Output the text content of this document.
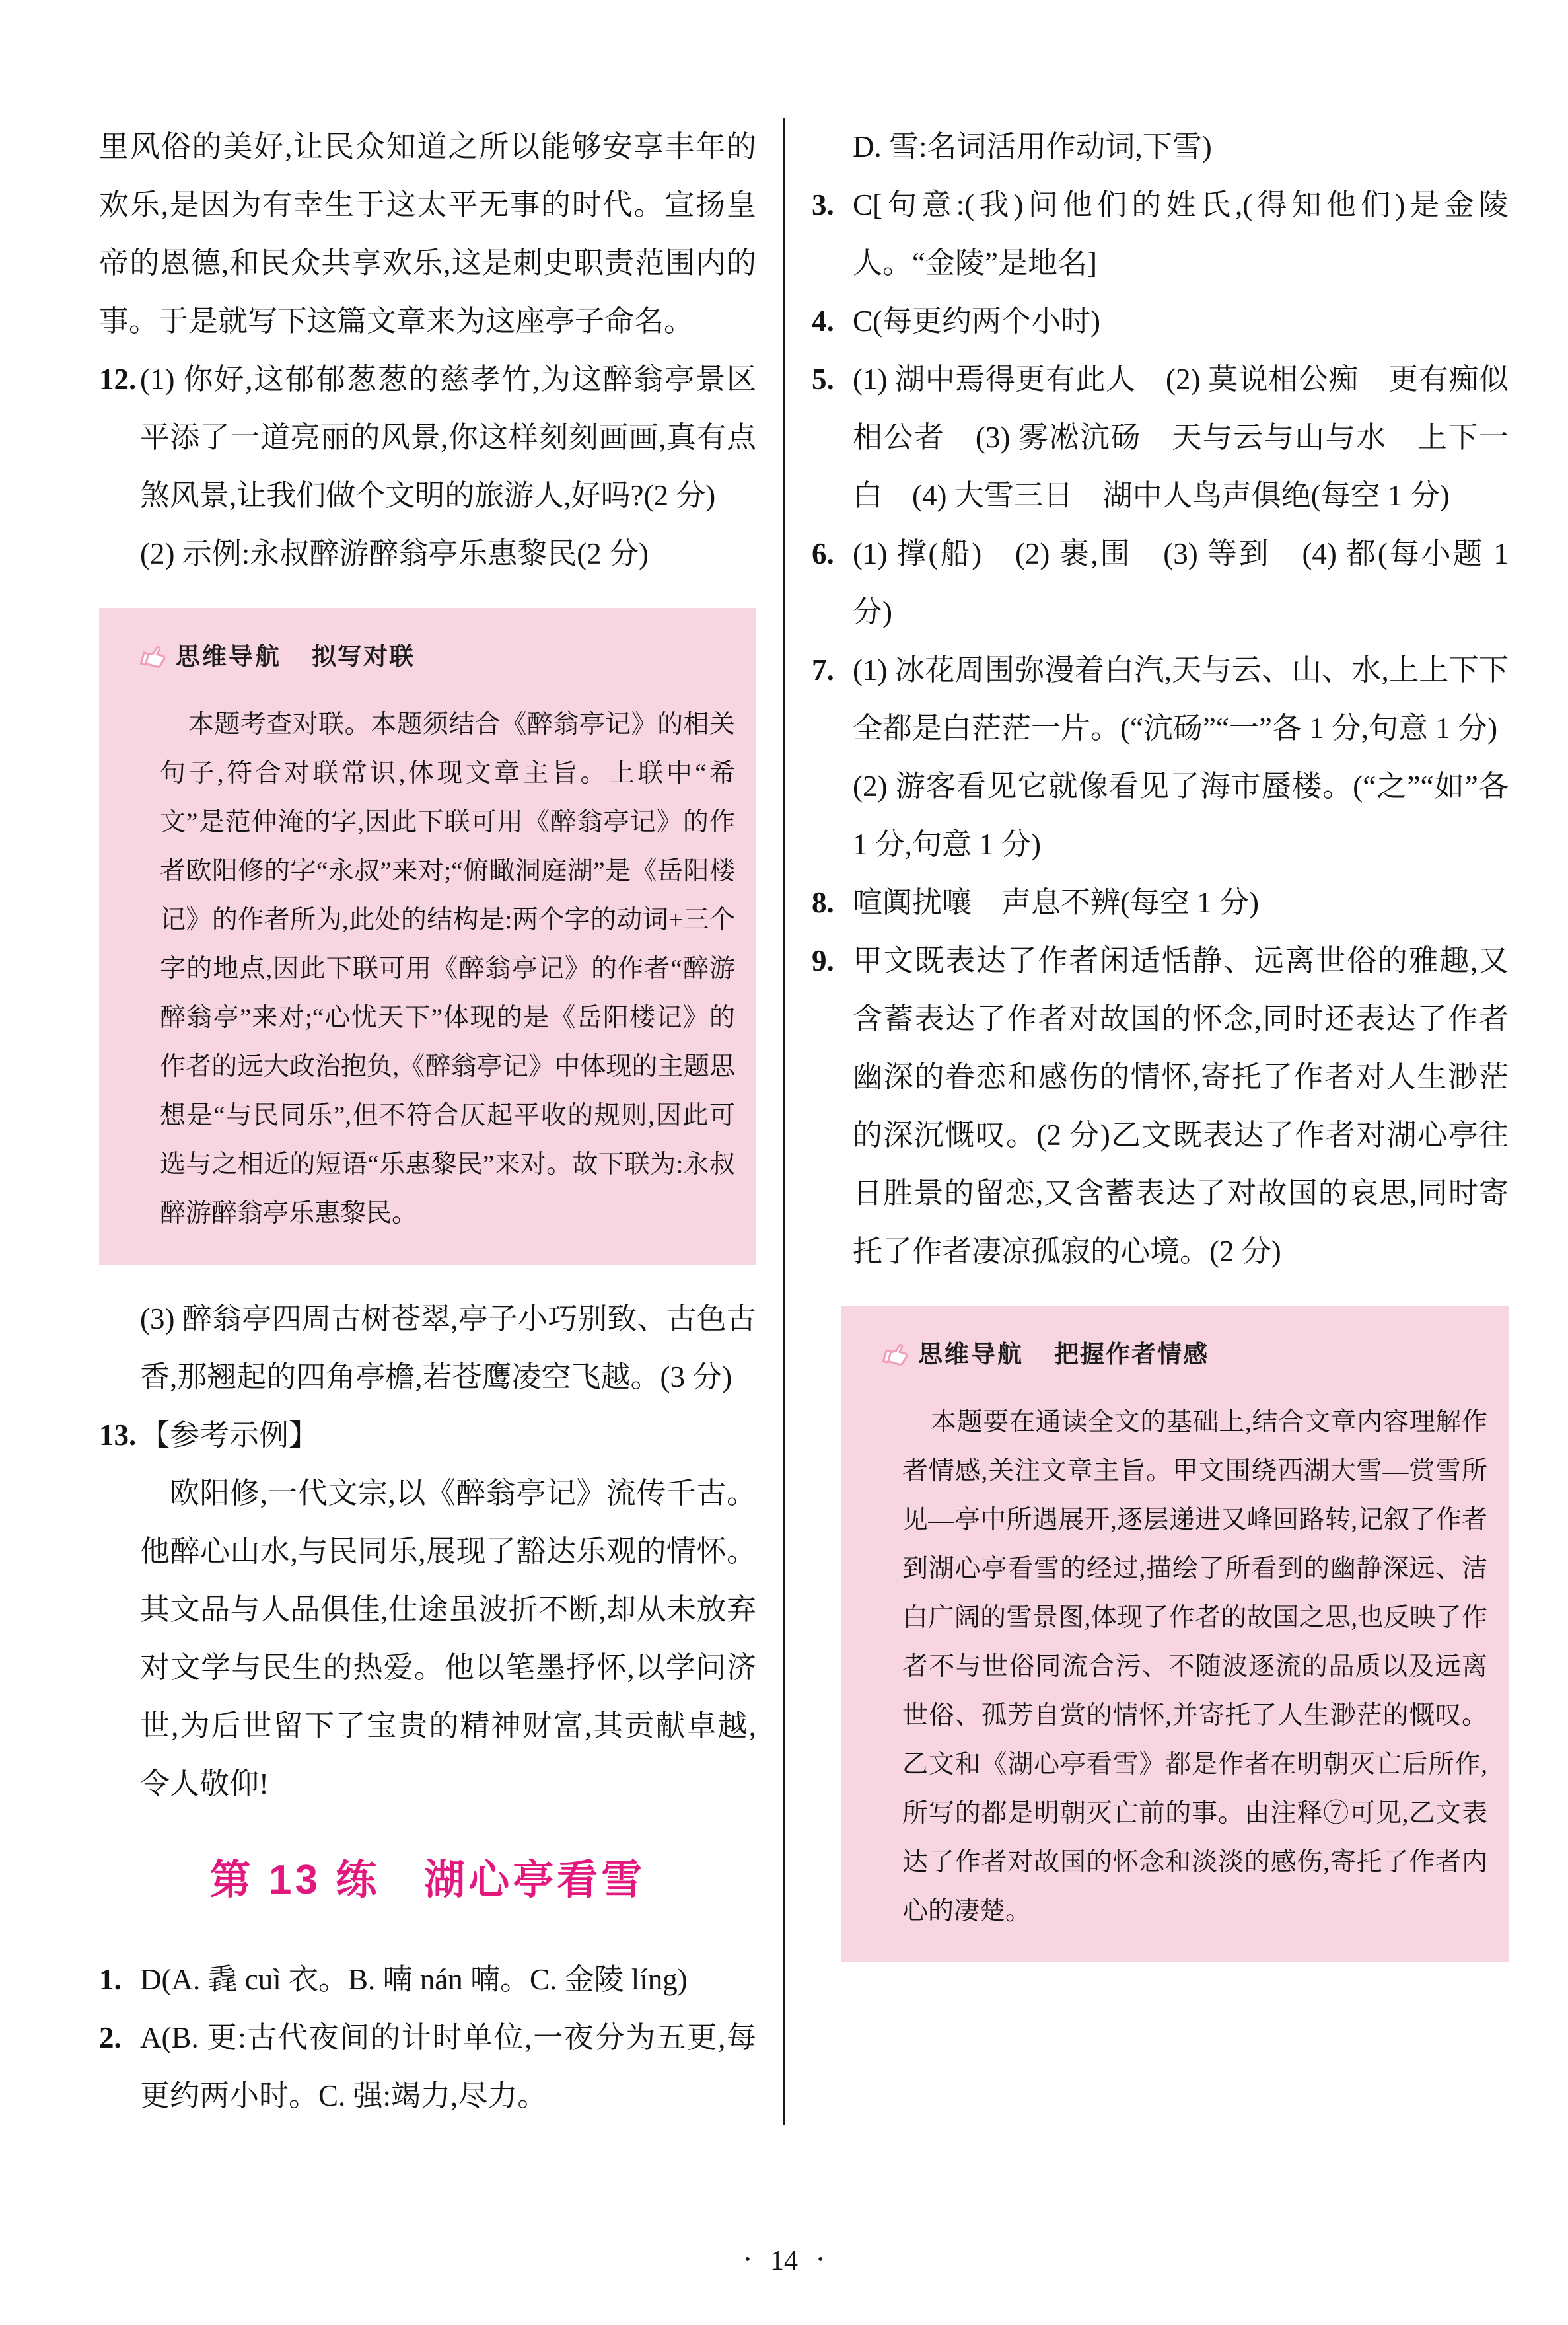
里风俗的美好,让民众知道之所以能够安享丰年的欢乐,是因为有幸生于这太平无事的时代。宣扬皇帝的恩德,和民众共享欢乐,这是刺史职责范围内的事。于是就写下这篇文章来为这座亭子命名。

12. (1) 你好,这郁郁葱葱的慈孝竹,为这醉翁亭景区平添了一道亮丽的风景,你这样刻刻画画,真有点煞风景,让我们做个文明的旅游人,好吗?(2 分)

(2) 示例:永叔醉游醉翁亭乐惠黎民(2 分)

思维导航 拟写对联

本题考查对联。本题须结合《醉翁亭记》的相关句子,符合对联常识,体现文章主旨。上联中“希文”是范仲淹的字,因此下联可用《醉翁亭记》的作者欧阳修的字“永叔”来对;“俯瞰洞庭湖”是《岳阳楼记》的作者所为,此处的结构是:两个字的动词+三个字的地点,因此下联可用《醉翁亭记》的作者“醉游醉翁亭”来对;“心忧天下”体现的是《岳阳楼记》的作者的远大政治抱负,《醉翁亭记》中体现的主题思想是“与民同乐”,但不符合仄起平收的规则,因此可选与之相近的短语“乐惠黎民”来对。故下联为:永叔醉游醉翁亭乐惠黎民。

(3) 醉翁亭四周古树苍翠,亭子小巧别致、古色古香,那翘起的四角亭檐,若苍鹰凌空飞越。(3 分)

13. 【参考示例】

欧阳修,一代文宗,以《醉翁亭记》流传千古。他醉心山水,与民同乐,展现了豁达乐观的情怀。其文品与人品俱佳,仕途虽波折不断,却从未放弃对文学与民生的热爱。他以笔墨抒怀,以学问济世,为后世留下了宝贵的精神财富,其贡献卓越,令人敬仰!

第 13 练　湖心亭看雪
1. D(A. 毳 cuì 衣。B. 喃 nán 喃。C. 金陵 líng)

2. A(B. 更:古代夜间的计时单位,一夜分为五更,每更约两小时。C. 强:竭力,尽力。

D. 雪:名词活用作动词,下雪)

3. C[句意:(我)问他们的姓氏,(得知他们)是金陵人。“金陵”是地名]

4. C(每更约两个小时)

5. (1) 湖中焉得更有此人　(2) 莫说相公痴　更有痴似相公者　(3) 雾凇沆砀　天与云与山与水　上下一白　(4) 大雪三日　湖中人鸟声俱绝(每空 1 分)

6. (1) 撑(船)　(2) 裹,围　(3) 等到　(4) 都(每小题 1 分)

7. (1) 冰花周围弥漫着白汽,天与云、山、水,上上下下全都是白茫茫一片。(“沆砀”“一”各 1 分,句意 1 分)

(2) 游客看见它就像看见了海市蜃楼。(“之”“如”各 1 分,句意 1 分)

8. 喧阗扰嚷　声息不辨(每空 1 分)

9. 甲文既表达了作者闲适恬静、远离世俗的雅趣,又含蓄表达了作者对故国的怀念,同时还表达了作者幽深的眷恋和感伤的情怀,寄托了作者对人生渺茫的深沉慨叹。(2 分)乙文既表达了作者对湖心亭往日胜景的留恋,又含蓄表达了对故国的哀思,同时寄托了作者凄凉孤寂的心境。(2 分)

思维导航 把握作者情感

本题要在通读全文的基础上,结合文章内容理解作者情感,关注文章主旨。甲文围绕西湖大雪—赏雪所见—亭中所遇展开,逐层递进又峰回路转,记叙了作者到湖心亭看雪的经过,描绘了所看到的幽静深远、洁白广阔的雪景图,体现了作者的故国之思,也反映了作者不与世俗同流合污、不随波逐流的品质以及远离世俗、孤芳自赏的情怀,并寄托了人生渺茫的慨叹。乙文和《湖心亭看雪》都是作者在明朝灭亡后所作,所写的都是明朝灭亡前的事。由注释⑦可见,乙文表达了作者对故国的怀念和淡淡的感伤,寄托了作者内心的凄楚。

• 14 •
